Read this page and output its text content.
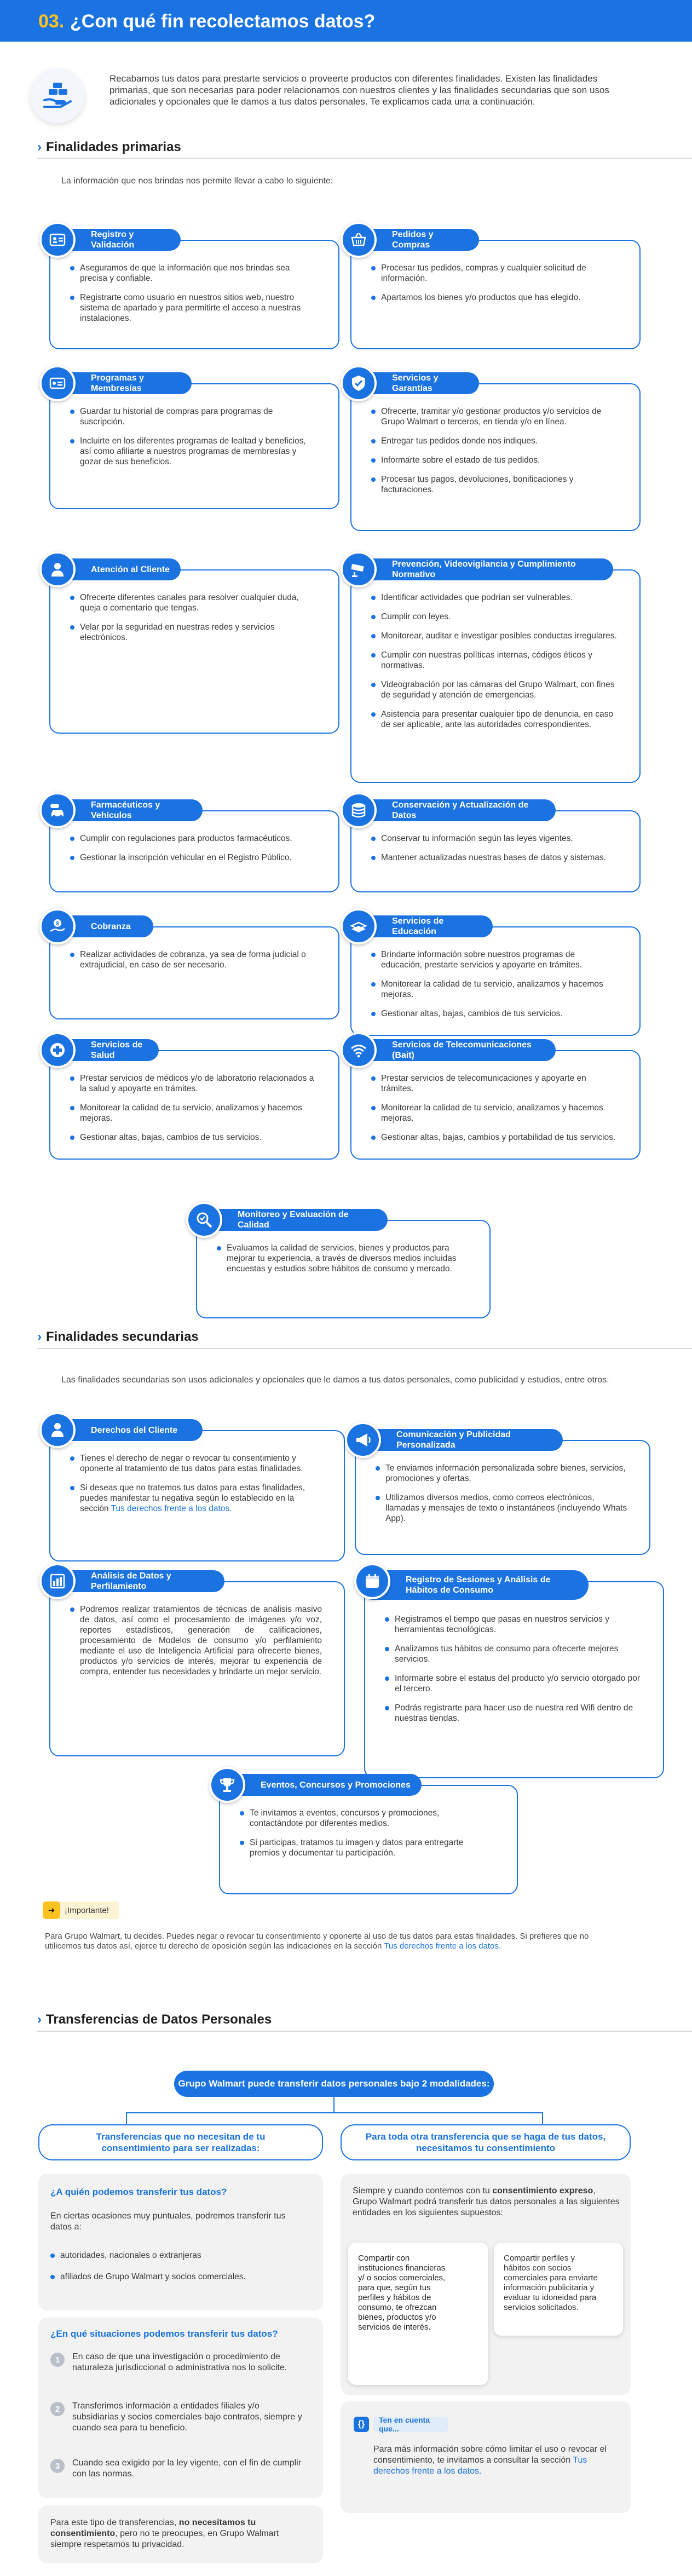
03. ¿Con qué fin recolectamos datos?
Recabamos tus datos para prestarte servicios o proveerte productos con diferentes finalidades. Existen las finalidades primarias, que son necesarias para poder relacionarnos con nuestros clientes y las finalidades secundarias que son usos adicionales y opcionales que le damos a tus datos personales. Te explicamos cada una a continuación.
› Finalidades primarias
La información que nos brindas nos permite llevar a cabo lo siguiente:
Registro y Validación
Aseguramos de que la información que nos brindas sea precisa y confiable.
Registrarte como usuario en nuestros sitios web, nuestro sistema de apartado y para permitirte el acceso a nuestras instalaciones.
Pedidos y Compras
Procesar tus pedidos, compras y cualquier solicitud de información.
Apartamos los bienes y/o productos que has elegido.
Programas y Membresías
Guardar tu historial de compras para programas de suscripción.
Incluirte en los diferentes programas de lealtad y beneficios, así como afiliarte a nuestros programas de membresías y gozar de sus beneficios.
Servicios y Garantías
Ofrecerte, tramitar y/o gestionar productos y/o servicios de Grupo Walmart o terceros, en tienda y/o en línea.
Entregar tus pedidos donde nos indiques.
Informarte sobre el estado de tus pedidos.
Procesar tus pagos, devoluciones, bonificaciones y facturaciones.
Atención al Cliente
Ofrecerte diferentes canales para resolver cualquier duda, queja o comentario que tengas.
Velar por la seguridad en nuestras redes y servicios electrónicos.
Prevención, Videovigilancia y Cumplimiento Normativo
Identificar actividades que podrían ser vulnerables.
Cumplir con leyes.
Monitorear, auditar e investigar posibles conductas irregulares.
Cumplir con nuestras políticas internas, códigos éticos y normativas.
Videograbación por las cámaras del Grupo Walmart, con fines de seguridad y atención de emergencias.
Asistencia para presentar cualquier tipo de denuncia, en caso de ser aplicable, ante las autoridades correspondientes.
Farmacéuticos y Vehículos
Cumplir con regulaciones para productos farmacéuticos.
Gestionar la inscripción vehicular en el Registro Público.
Conservación y Actualización de Datos
Conservar tu información según las leyes vigentes.
Mantener actualizadas nuestras bases de datos y sistemas.
Cobranza
$
Realizar actividades de cobranza, ya sea de forma judicial o extrajudicial, en caso de ser necesario.
Servicios de Educación
Brindarte información sobre nuestros programas de educación, prestarte servicios y apoyarte en trámites.
Monitorear la calidad de tu servicio, analizamos y hacemos mejoras.
Gestionar altas, bajas, cambios de tus servicios.
Servicios de Salud
Prestar servicios de médicos y/o de laboratorio relacionados a la salud y apoyarte en trámites.
Monitorear la calidad de tu servicio, analizamos y hacemos mejoras.
Gestionar altas, bajas, cambios de tus servicios.
Servicios de Telecomunicaciones (Bait)
Prestar servicios de telecomunicaciones y apoyarte en trámites.
Monitorear la calidad de tu servicio, analizamos y hacemos mejoras.
Gestionar altas, bajas, cambios y portabilidad de tus servicios.
Monitoreo y Evaluación de Calidad
Evaluamos la calidad de servicios, bienes y productos para mejorar tu experiencia, a través de diversos medios incluidas encuestas y estudios sobre hábitos de consumo y mercado.
› Finalidades secundarias
Las finalidades secundarias son usos adicionales y opcionales que le damos a tus datos personales, como publicidad y estudios, entre otros.
Derechos del Cliente
Tienes el derecho de negar o revocar tu consentimiento y oponerte al tratamiento de tus datos para estas finalidades.
Si deseas que no tratemos tus datos para estas finalidades, puedes manifestar tu negativa según lo establecido en la sección Tus derechos frente a los datos.
Comunicación y Publicidad Personalizada
Te enviamos información personalizada sobre bienes, servicios, promociones y ofertas.
Utilizamos diversos medios, como correos electrónicos, llamadas y mensajes de texto o instantáneos (incluyendo Whats App).
Análisis de Datos y Perfilamiento
Podremos realizar tratamientos de técnicas de análisis masivo de datos, así como el procesamiento de imágenes y/o voz, reportes estadísticos, generación de calificaciones, procesamiento de Modelos de consumo y/o perfilamiento mediante el uso de Inteligencia Artificial para ofrecerte bienes, productos y/o servicios de interés, mejorar tu experiencia de compra, entender tus necesidades y brindarte un mejor servicio.
Registro de Sesiones y Análisis de Hábitos de Consumo
Registramos el tiempo que pasas en nuestros servicios y herramientas tecnológicas.
Analizamos tus hábitos de consumo para ofrecerte mejores servicios.
Informarte sobre el estatus del producto y/o servicio otorgado por el tercero.
Podrás registrarte para hacer uso de nuestra red Wifi dentro de nuestras tiendas.
Eventos, Concursos y Promociones
Te invitamos a eventos, concursos y promociones, contactándote por diferentes medios.
Si participas, tratamos tu imagen y datos para entregarte premios y documentar tu participación.
➜	¡Importante!
Para Grupo Walmart, tu decides. Puedes negar o revocar tu consentimiento y oponerte al uso de tus datos para estas finalidades. Si prefieres que no utilicemos tus datos así, ejerce tu derecho de oposición según las indicaciones en la sección Tus derechos frente a los datos.
› Transferencias de Datos Personales
Grupo Walmart puede transferir datos personales bajo 2 modalidades:
Transferencias que no necesitan de tu consentimiento para ser realizadas:
Para toda otra transferencia que se haga de tus datos, necesitamos tu consentimiento
¿A quién podemos transferir tus datos?
En ciertas ocasiones muy puntuales, podremos transferir tus datos a:
autoridades, nacionales o extranjeras
afiliados de Grupo Walmart y socios comerciales.
¿En qué situaciones podemos transferir tus datos?
1	En caso de que una investigación o procedimiento de naturaleza jurisdiccional o administrativa nos lo solicite.
2	Transferimos información a entidades filiales y/o subsidiarias y socios comerciales bajo contratos, siempre y cuando sea para tu beneficio.
3	Cuando sea exigido por la ley vigente, con el fin de cumplir con las normas.
Para este tipo de transferencias, no necesitamos tu consentimiento, pero no te preocupes, en Grupo Walmart siempre respetamos tu privacidad.
Siempre y cuando contemos con tu consentimiento expreso, Grupo Walmart podrá transferir tus datos personales a las siguientes entidades en los siguientes supuestos:
Compartir con instituciones financieras y/ o socios comerciales, para que, según tus perfiles y hábitos de consumo, te ofrezcan bienes, productos y/o servicios de interés.
Compartir perfiles y hábitos con socios comerciales para enviarte información publicitaria y evaluar tu idoneidad para servicios solicitados.
{}	Ten en cuenta que...
Para más información sobre cómo limitar el uso o revocar el consentimiento, te invitamos a consultar la sección Tus derechos frente a los datos.
